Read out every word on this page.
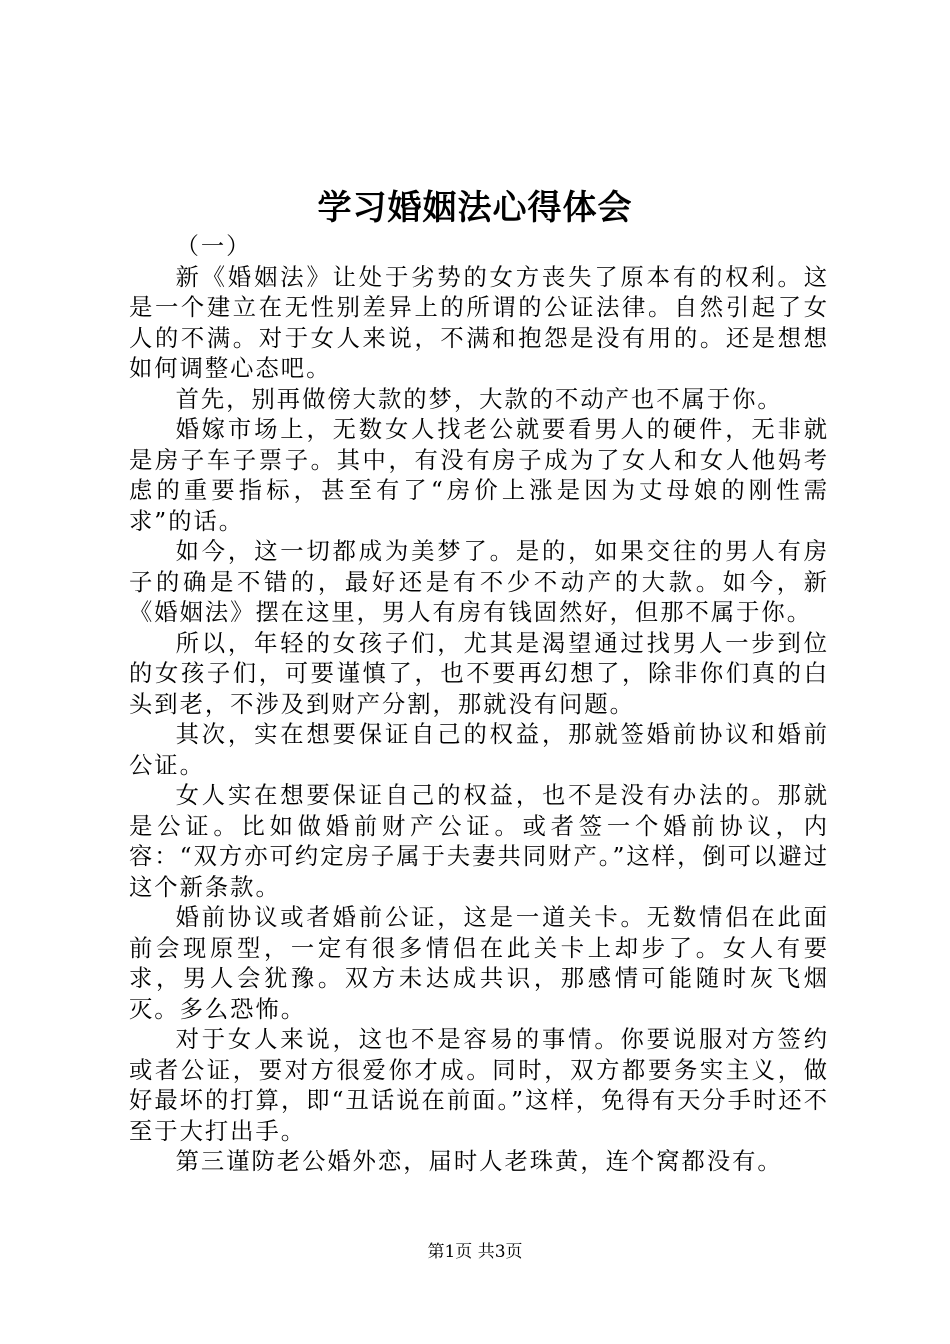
学习婚姻法心得体会

（一）

新《婚姻法》让处于劣势的女方丧失了原本有的权利。这是一个建立在无性别差异上的所谓的公证法律。自然引起了女人的不满。对于女人来说，不满和抱怨是没有用的。还是想想如何调整心态吧。

首先，别再做傍大款的梦，大款的不动产也不属于你。

婚嫁市场上，无数女人找老公就要看男人的硬件，无非就是房子车子票子。其中，有没有房子成为了女人和女人他妈考虑的重要指标，甚至有了“房价上涨是因为丈母娘的刚性需求”的话。

如今，这一切都成为美梦了。是的，如果交往的男人有房子的确是不错的，最好还是有不少不动产的大款。如今，新《婚姻法》摆在这里，男人有房有钱固然好，但那不属于你。

所以，年轻的女孩子们，尤其是渴望通过找男人一步到位的女孩子们，可要谨慎了，也不要再幻想了，除非你们真的白头到老，不涉及到财产分割，那就没有问题。

其次，实在想要保证自己的权益，那就签婚前协议和婚前公证。

女人实在想要保证自己的权益，也不是没有办法的。那就是公证。比如做婚前财产公证。或者签一个婚前协议，内容：“双方亦可约定房子属于夫妻共同财产。”这样，倒可以避过这个新条款。

婚前协议或者婚前公证，这是一道关卡。无数情侣在此面前会现原型，一定有很多情侣在此关卡上却步了。女人有要求，男人会犹豫。双方未达成共识，那感情可能随时灰飞烟灭。多么恐怖。

对于女人来说，这也不是容易的事情。你要说服对方签约或者公证，要对方很爱你才成。同时，双方都要务实主义，做好最坏的打算，即“丑话说在前面。”这样，免得有天分手时还不至于大打出手。

第三谨防老公婚外恋，届时人老珠黄，连个窝都没有。

第1页 共3页
